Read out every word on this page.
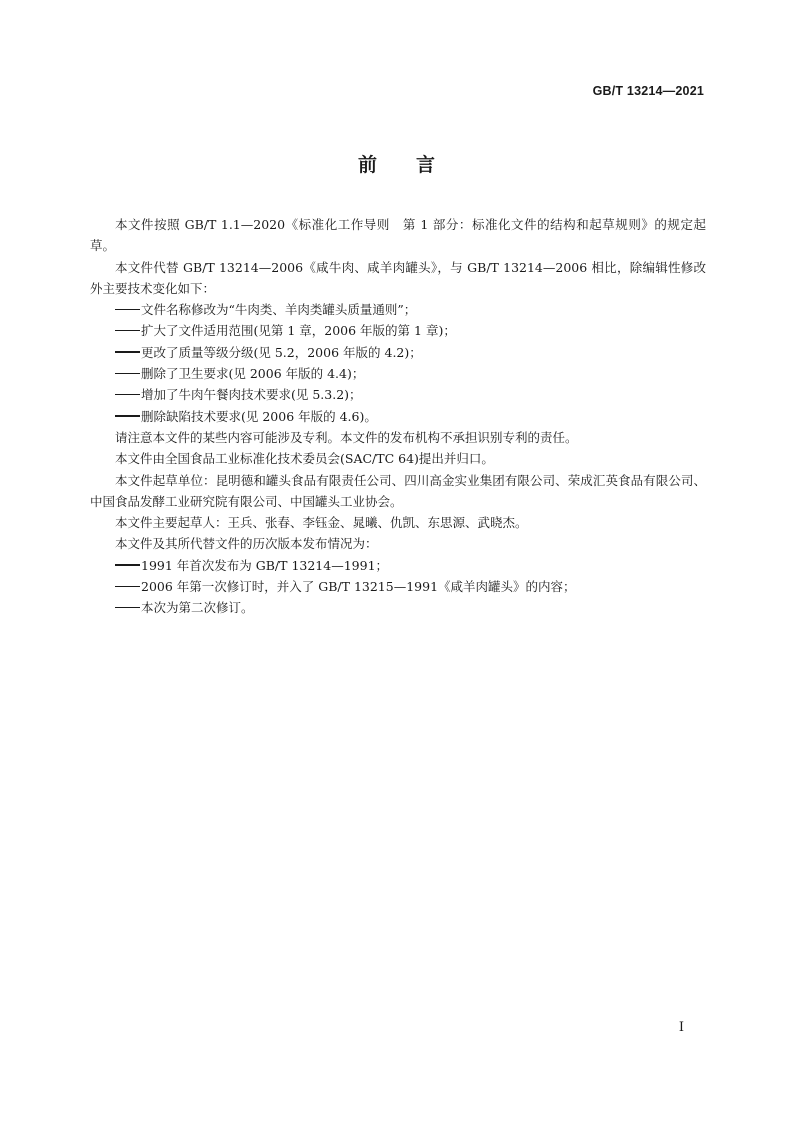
GB/T 13214—2021
前 言

本文件按照 GB/T 1.1—2020《标准化工作导则　第 1 部分：标准化文件的结构和起草规则》的规定起草。

本文件代替 GB/T 13214—2006《咸牛肉、咸羊肉罐头》，与 GB/T 13214—2006 相比，除编辑性修改外主要技术变化如下：

文件名称修改为“牛肉类、羊肉类罐头质量通则”；

扩大了文件适用范围(见第 1 章，2006 年版的第 1 章)；

更改了质量等级分级(见 5.2，2006 年版的 4.2)；

删除了卫生要求(见 2006 年版的 4.4)；

增加了牛肉午餐肉技术要求(见 5.3.2)；

删除缺陷技术要求(见 2006 年版的 4.6)。

请注意本文件的某些内容可能涉及专利。本文件的发布机构不承担识别专利的责任。

本文件由全国食品工业标准化技术委员会(SAC/TC 64)提出并归口。

本文件起草单位：昆明德和罐头食品有限责任公司、四川高金实业集团有限公司、荣成汇英食品有限公司、中国食品发酵工业研究院有限公司、中国罐头工业协会。

本文件主要起草人：王兵、张春、李钰金、晁曦、仇凯、东思源、武晓杰。

本文件及其所代替文件的历次版本发布情况为：

1991 年首次发布为 GB/T 13214—1991；

2006 年第一次修订时，并入了 GB/T 13215—1991《咸羊肉罐头》的内容；

本次为第二次修订。

I
